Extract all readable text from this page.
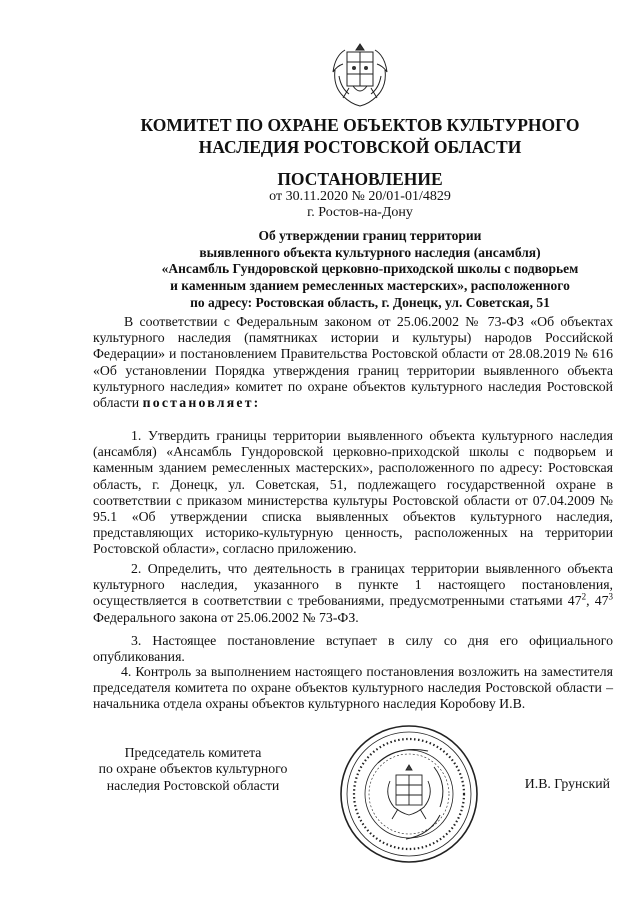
КОМИТЕТ ПО ОХРАНЕ ОБЪЕКТОВ КУЛЬТУРНОГО
НАСЛЕДИЯ РОСТОВСКОЙ ОБЛАСТИ
ПОСТАНОВЛЕНИЕ
от 30.11.2020 № 20/01-01/4829
г. Ростов-на-Дону
Об утверждении границ территории
выявленного объекта культурного наследия (ансамбля)
«Ансамбль Гундоровской церковно-приходской школы с подворьем
и каменным зданием ремесленных мастерских», расположенного
по адресу: Ростовская область, г. Донецк, ул. Советская, 51

В соответствии с Федеральным законом от 25.06.2002 № 73-ФЗ «Об объектах культурного наследия (памятниках истории и культуры) народов Российской Федерации» и постановлением Правительства Ростовской области от 28.08.2019 № 616 «Об установлении Порядка утверждения границ территории выявленного объекта культурного наследия» комитет по охране объектов культурного наследия Ростовской области постановляет:

1. Утвердить границы территории выявленного объекта культурного наследия (ансамбля) «Ансамбль Гундоровской церковно-приходской школы с подворьем и каменным зданием ремесленных мастерских», расположенного по адресу: Ростовская область, г. Донецк, ул. Советская, 51, подлежащего государственной охране в соответствии с приказом министерства культуры Ростовской области от 07.04.2009 № 95.1 «Об утверждении списка выявленных объектов культурного наследия, представляющих историко-культурную ценность, расположенных на территории Ростовской области», согласно приложению.

2. Определить, что деятельность в границах территории выявленного объекта культурного наследия, указанного в пункте 1 настоящего постановления, осуществляется в соответствии с требованиями, предусмотренными статьями $47^2$, $47^3$ Федерального закона от 25.06.2002 № 73-ФЗ.

3. Настоящее постановление вступает в силу со дня его официального опубликования.

4. Контроль за выполнением настоящего постановления возложить на заместителя председателя комитета по охране объектов культурного наследия Ростовской области – начальника отдела охраны объектов культурного наследия Коробову И.В.

Председатель комитета
по охране объектов культурного
наследия Ростовской области	И.В. Грунский
